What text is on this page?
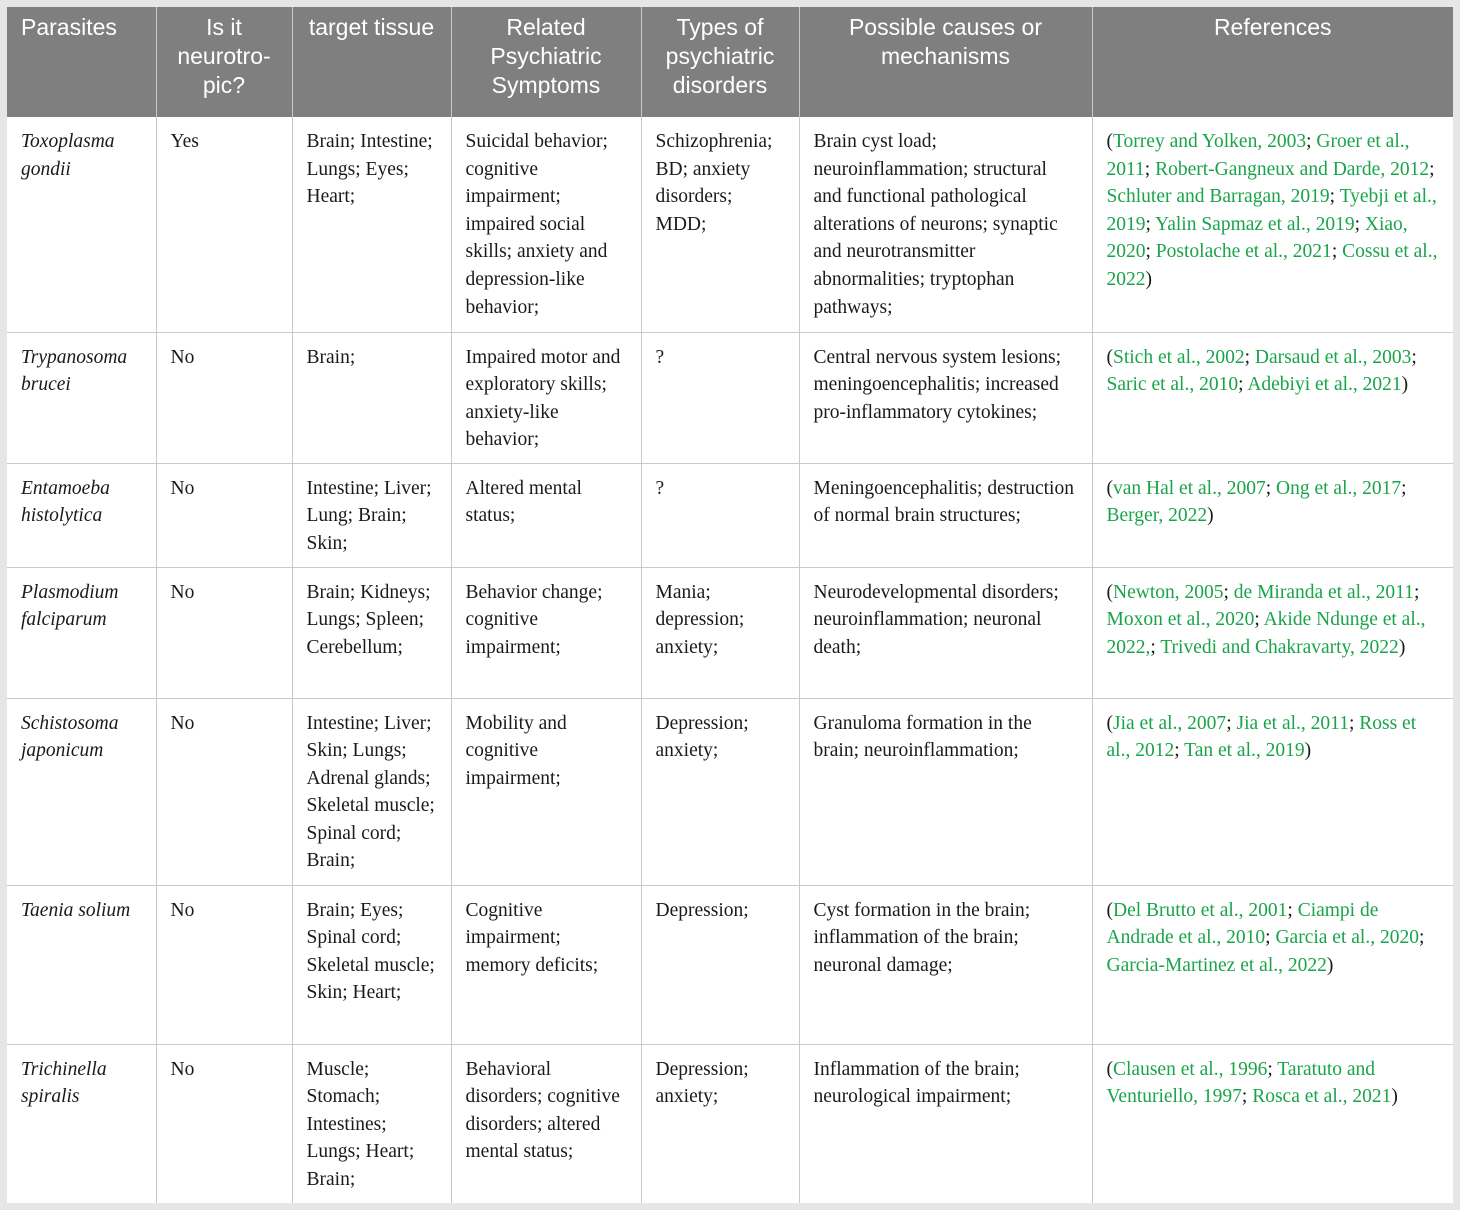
Parasites	Is it neurotro-pic?	target tissue	Related Psychiatric Symptoms	Types of psychiatric disorders	Possible causes or mechanisms	References
Toxoplasma gondii	Yes	Brain; Intestine; Lungs; Eyes; Heart;	Suicidal behavior; cognitive impairment; impaired social skills; anxiety and depression-like behavior;	Schizophrenia; BD; anxiety disorders; MDD;	Brain cyst load; neuroinflammation; structural and functional pathological alterations of neurons; synaptic and neurotransmitter abnormalities; tryptophan pathways;	(Torrey and Yolken, 2003; Groer et al., 2011; Robert-Gangneux and Darde, 2012; Schluter and Barragan, 2019; Tyebji et al., 2019; Yalin Sapmaz et al., 2019; Xiao, 2020; Postolache et al., 2021; Cossu et al., 2022)
Trypanosoma brucei	No	Brain;	Impaired motor and exploratory skills; anxiety-like behavior;	?	Central nervous system lesions; meningoencephalitis; increased pro-inflammatory cytokines;	(Stich et al., 2002; Darsaud et al., 2003; Saric et al., 2010; Adebiyi et al., 2021)
Entamoeba histolytica	No	Intestine; Liver; Lung; Brain; Skin;	Altered mental status;	?	Meningoencephalitis; destruction of normal brain structures;	(van Hal et al., 2007; Ong et al., 2017; Berger, 2022)
Plasmodium falciparum	No	Brain; Kidneys; Lungs; Spleen; Cerebellum;	Behavior change; cognitive impairment;	Mania; depression; anxiety;	Neurodevelopmental disorders; neuroinflammation; neuronal death;	(Newton, 2005; de Miranda et al., 2011; Moxon et al., 2020; Akide Ndunge et al., 2022,; Trivedi and Chakravarty, 2022)
Schistosoma japonicum	No	Intestine; Liver; Skin; Lungs; Adrenal glands; Skeletal muscle; Spinal cord; Brain;	Mobility and cognitive impairment;	Depression; anxiety;	Granuloma formation in the brain; neuroinflammation;	(Jia et al., 2007; Jia et al., 2011; Ross et al., 2012; Tan et al., 2019)
Taenia solium	No	Brain; Eyes; Spinal cord; Skeletal muscle; Skin; Heart;	Cognitive impairment; memory deficits;	Depression;	Cyst formation in the brain; inflammation of the brain; neuronal damage;	(Del Brutto et al., 2001; Ciampi de Andrade et al., 2010; Garcia et al., 2020; Garcia-Martinez et al., 2022)
Trichinella spiralis	No	Muscle; Stomach; Intestines; Lungs; Heart; Brain;	Behavioral disorders; cognitive disorders; altered mental status;	Depression; anxiety;	Inflammation of the brain; neurological impairment;	(Clausen et al., 1996; Taratuto and Venturiello, 1997; Rosca et al., 2021)
